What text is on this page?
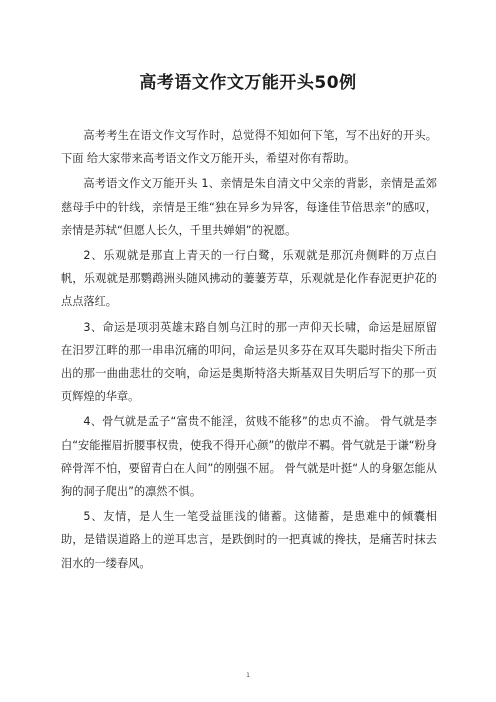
高考语文作文万能开头50例

高考考生在语文作文写作时，总觉得不知如何下笔，写不出好的开头。下面 给大家带来高考语文作文万能开头，希望对你有帮助。

高考语文作文万能开头 1、亲情是朱自清文中父亲的背影，亲情是孟郊慈母手中的针线，亲情是王维“独在异乡为异客，每逢佳节倍思亲”的感叹，亲情是苏轼“但愿人长久，千里共婵娟”的祝愿。

2、乐观就是那直上青天的一行白鹭，乐观就是那沉舟侧畔的万点白帆，乐观就是那鹦鹉洲头随风拂动的萋萋芳草，乐观就是化作春泥更护花的点点落红。

3、命运是项羽英雄末路自刎乌江时的那一声仰天长啸，命运是屈原留在汨罗江畔的那一串串沉痛的叩问，命运是贝多芬在双耳失聪时指尖下所击出的那一曲曲悲壮的交响，命运是奥斯特洛夫斯基双目失明后写下的那一页页辉煌的华章。

4、骨气就是孟子“富贵不能淫，贫贱不能移”的忠贞不渝。 骨气就是李白“安能摧眉折腰事权贵，使我不得开心颜”的傲岸不羁。骨气就是于谦“粉身碎骨浑不怕，要留青白在人间”的刚强不屈。 骨气就是叶挺“人的身躯怎能从狗的洞子爬出”的凛然不惧。

5、友情，是人生一笔受益匪浅的储蓄。这储蓄，是患难中的倾囊相助，是错误道路上的逆耳忠言，是跌倒时的一把真诚的搀扶，是痛苦时抹去泪水的一缕春风。

1
